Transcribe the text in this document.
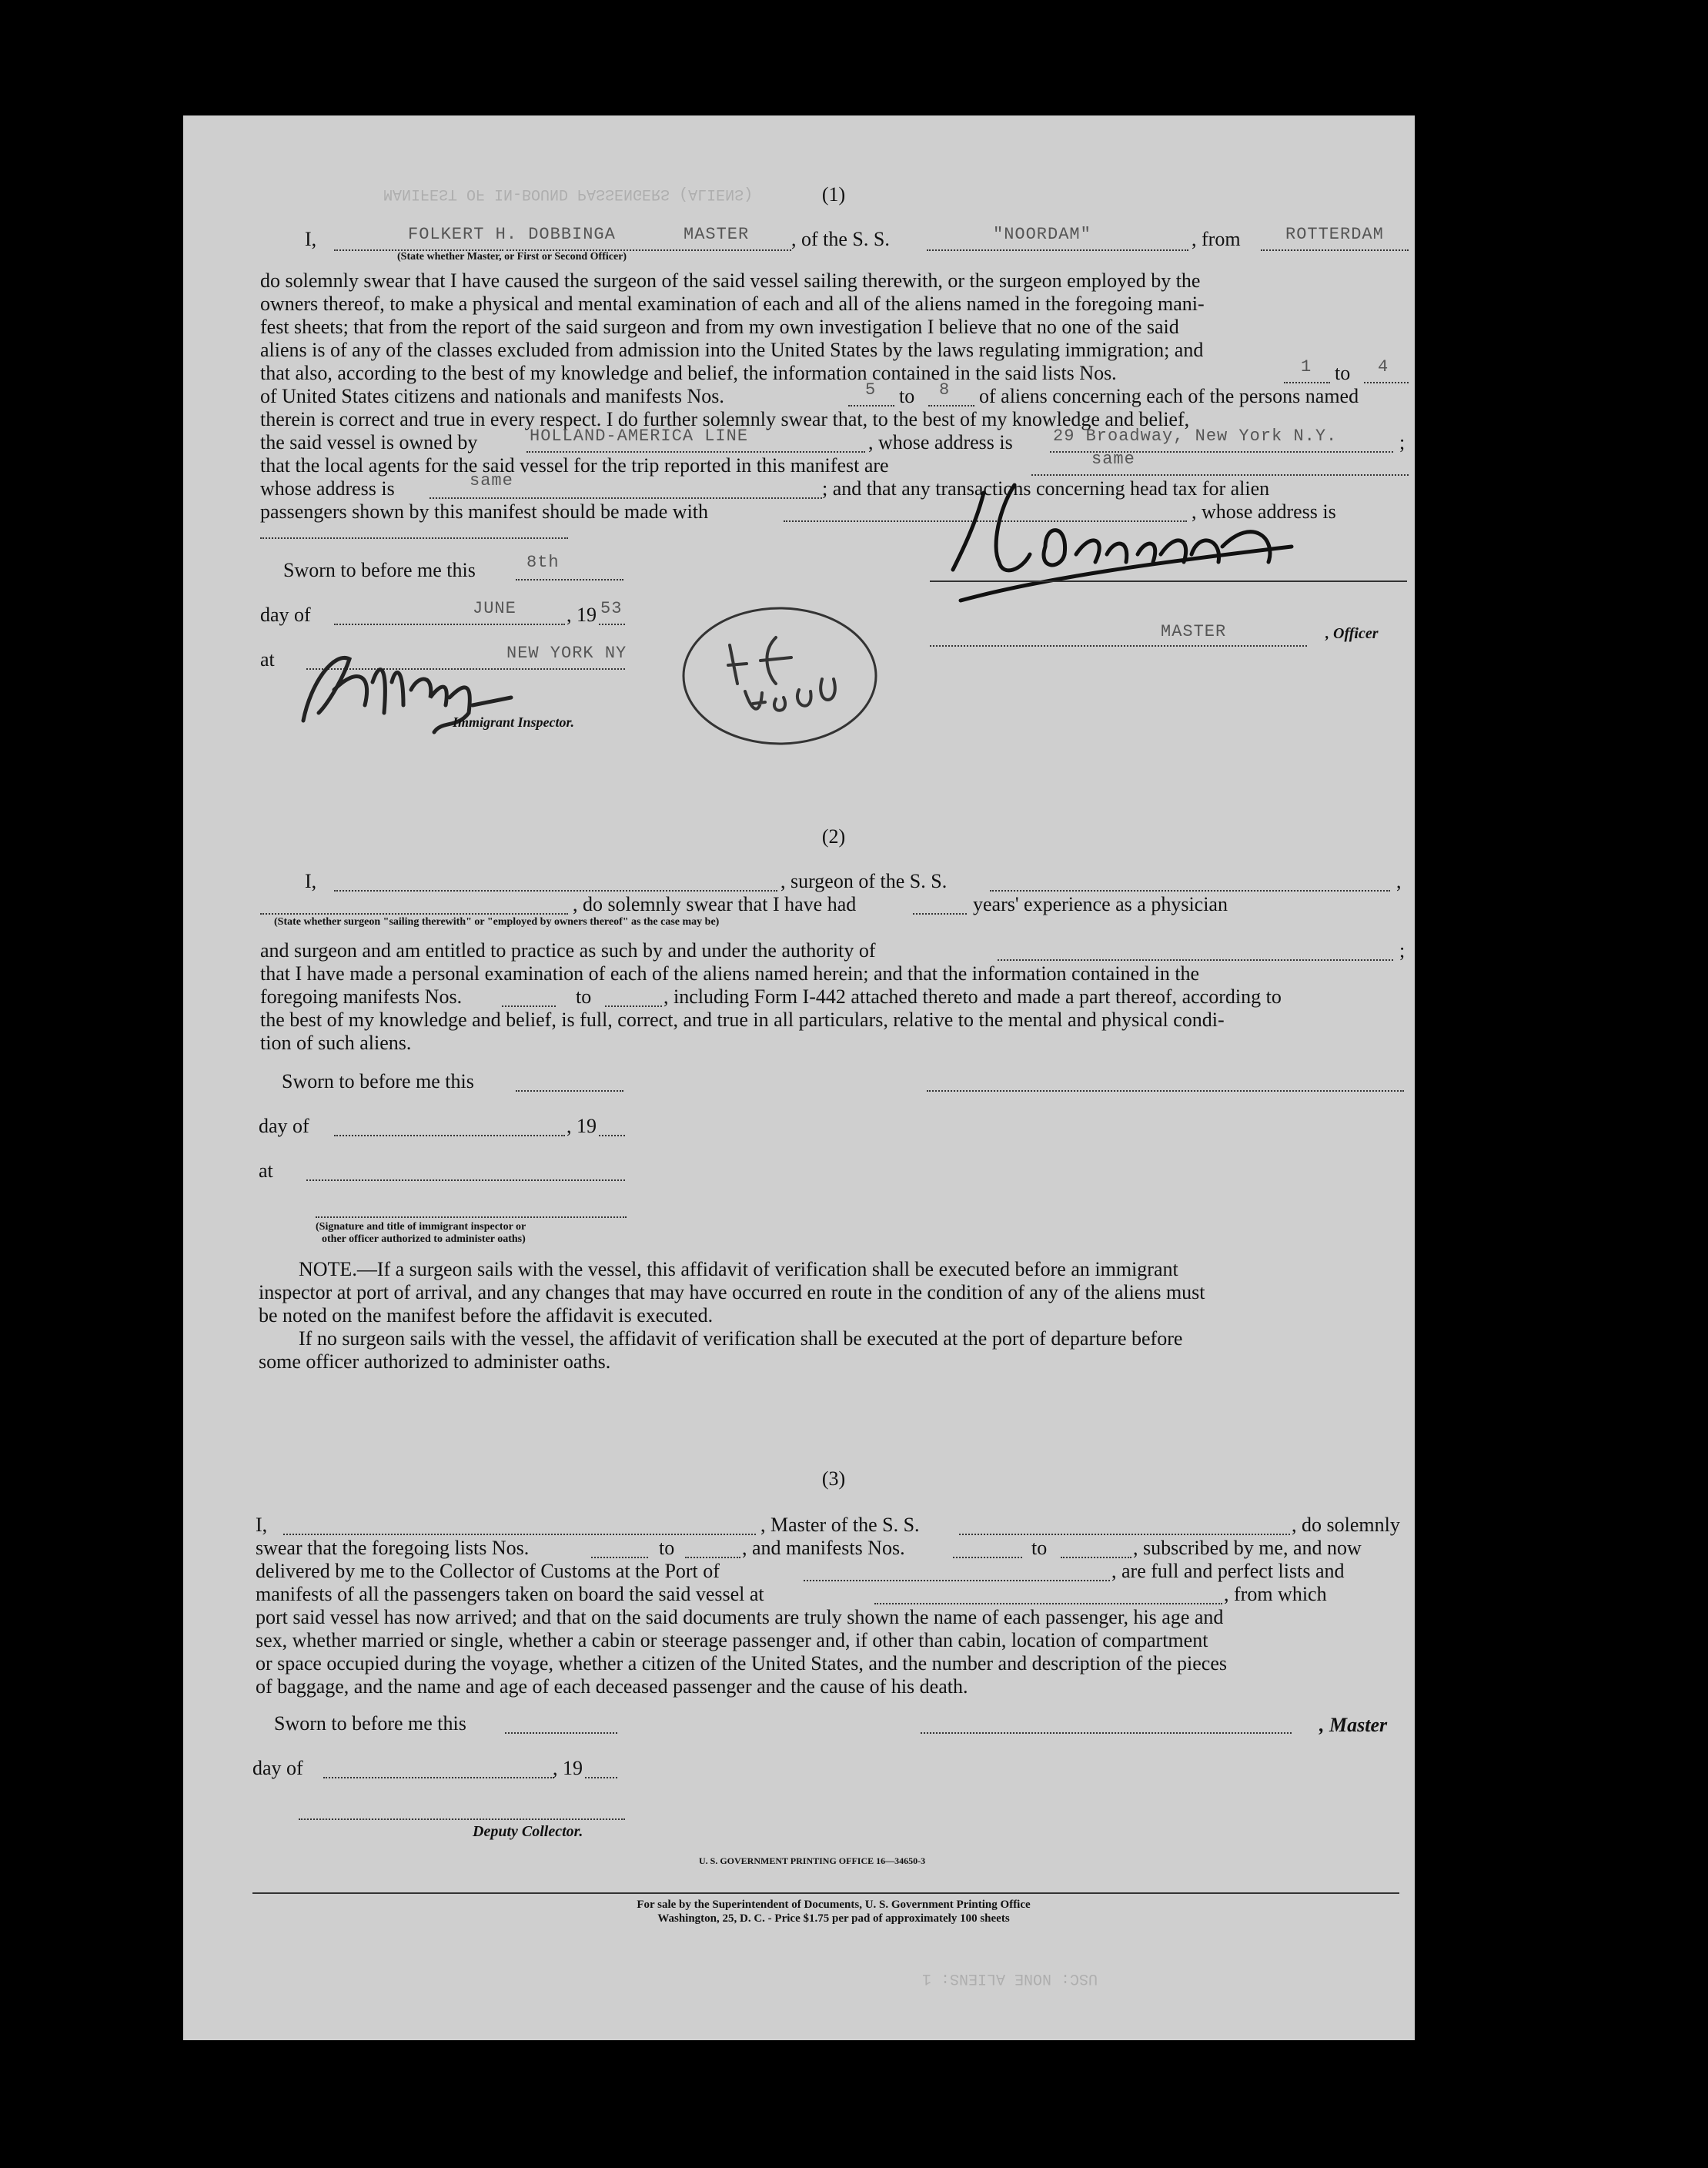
MANIFEST OF IN-BOUND PASSENGERS (ALIENS)
USC: NONE ALIENS: 1
(1)
I,	FOLKERT H. DOBBINGA	MASTER , of the S. S.	"NOORDAM"	, from	ROTTERDAM
(State whether Master, or First or Second Officer)
do solemnly swear that I have caused the surgeon of the said vessel sailing therewith, or the surgeon employed by the
owners thereof, to make a physical and mental examination of each and all of the aliens named in the foregoing mani-
fest sheets; that from the report of the said surgeon and from my own investigation I believe that no one of the said
aliens is of any of the classes excluded from admission into the United States by the laws regulating immigration; and
that also, according to the best of my knowledge and belief, the information contained in the said lists Nos.	1 to 4
of United States citizens and nationals and manifests Nos.	5 to 8 of aliens concerning each of the persons named
therein is correct and true in every respect. I do further solemnly swear that, to the best of my knowledge and belief,
the said vessel is owned by	HOLLAND-AMERICA LINE	, whose address is 29 Broadway, New York N.Y.	;
that the local agents for the said vessel for the trip reported in this manifest are	same
whose address is	same	; and that any transactions concerning head tax for alien
passengers shown by this manifest should be made with	, whose address is
Sworn to before me this	8th
day of	JUNE	, 19 53
at	NEW YORK NY
Immigrant Inspector.
5 St Hobo
MASTER	, Officer
(2)
I,	, surgeon of the S. S.	,
, do solemnly swear that I have had	years' experience as a physician
(State whether surgeon "sailing therewith" or "employed by owners thereof" as the case may be)
and surgeon and am entitled to practice as such by and under the authority of	;
that I have made a personal examination of each of the aliens named herein; and that the information contained in the
foregoing manifests Nos.	to	, including Form I-442 attached thereto and made a part thereof, according to
the best of my knowledge and belief, is full, correct, and true in all particulars, relative to the mental and physical condi-
tion of such aliens.
Sworn to before me this
day of	, 19
at
(Signature and title of immigrant inspector or
other officer authorized to administer oaths)
NOTE.—If a surgeon sails with the vessel, this affidavit of verification shall be executed before an immigrant
inspector at port of arrival, and any changes that may have occurred en route in the condition of any of the aliens must
be noted on the manifest before the affidavit is executed.
If no surgeon sails with the vessel, the affidavit of verification shall be executed at the port of departure before
some officer authorized to administer oaths.
(3)
I,	, Master of the S. S.	, do solemnly
swear that the foregoing lists Nos.	to	, and manifests Nos.	to	, subscribed by me, and now
delivered by me to the Collector of Customs at the Port of	, are full and perfect lists and
manifests of all the passengers taken on board the said vessel at	, from which
port said vessel has now arrived; and that on the said documents are truly shown the name of each passenger, his age and
sex, whether married or single, whether a cabin or steerage passenger and, if other than cabin, location of compartment
or space occupied during the voyage, whether a citizen of the United States, and the number and description of the pieces
of baggage, and the name and age of each deceased passenger and the cause of his death.
Sworn to before me this	, Master
day of	, 19
Deputy Collector.
U. S. GOVERNMENT PRINTING OFFICE 16—34650-3
For sale by the Superintendent of Documents, U. S. Government Printing Office
Washington, 25, D. C. - Price $1.75 per pad of approximately 100 sheets
